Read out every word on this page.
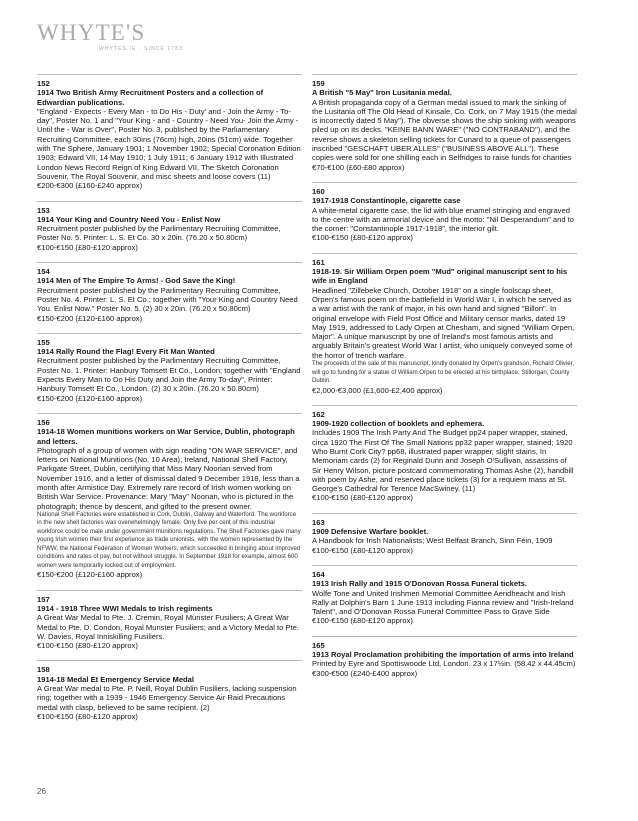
WHYTE'S
WHYTES.IE · SINCE 1783
152
1914 Two British Army Recruitment Posters and a collection of Edwardian publications.
"England - Expects - Every Man - to Do His - Duty' and - Join the Army - To-day", Poster No. 1 and "Your King - and - Country - Need You- Join the Army - Until the - War is Over", Poster No. 3, published by the Parliamentary Recruiting Committee, each 30ins (76cm) high, 20ins (51cm) wide. Together with The Sphere, January 1901; 1 November 1902; Special Coronation Edition 1903; Edward VII, 14 May 1910; 1 July 1911; 6 January 1912 with Illustrated London News Record Reign of King Edward VII, The Sketch Coronation Souvenir, The Royal Souvenir, and misc sheets and loose covers (11)
€200-€300 (£160-£240 approx)
153
1914 Your King and Country Need You - Enlist Now
Recruitment poster published by the Parlimentary Recruiting Committee, Poster No. 5. Printer: L. S. Et Co. 30 x 20in. (76.20 x 50.80cm)
€100-€150 (£80-£120 approx)
154
1914 Men of The Empire To Arms! - God Save the King!
Recruitment poster published by the Parlimentary Recruiting Committee, Poster No. 4. Printer: L. S. Et Co.; together with "Your King and Country Need You. Enlist Now." Poster No. 5. (2) 30 x 20in. (76.20 x 50.80cm)
€150-€200 (£120-£160 approx)
155
1914 Rally Round the Flag! Every Fit Man Wanted
Recruitment poster published by the Parlimentary Recruiting Committee, Poster No. 1. Printer: Hanbury Tomsett Et Co., London; together with "England Expects Every Man to Do His Duty and Join the Army To-day", Printer: Hanbury Tomsett Et Co., London. (2) 30 x 20in. (76.20 x 50.80cm)
€150-€200 (£120-£160 approx)
156
1914-18 Women munitions workers on War Service, Dublin, photograph and letters.
Photograph of a group of women with sign reading "ON WAR SERVICE", and letters on National Munitions (No. 10 Area), Ireland, National Shell Factory, Parkgate Street, Dublin, certifying that Miss Mary Noonan served from November 1916, and a letter of dismissal dated 9 December 1918, less than a month after Armistice Day. Extremely rare record of Irish women working on British War Service. Provenance: Mary "May" Noonan, who is pictured in the photograph; thence by descent, and gifted to the present owner.
National Shell Factories were established in Cork, Dublin, Galway and Waterford. The workforce in the new shell factories was overwhelmingly female. Only five per cent of this industrial workforce could be male under government munitions regulations. The Shell Factories gave many young Irish women their first experience as trade unionists, with the women represented by the NFWW, the National Federation of Women Workers, which succeeded in bringing about improved conditions and rates of pay, but not without struggle. In September 1918 for example, almost 600 women were temporarily locked out of employment.
€150-€200 (£120-£160 approx)
157
1914 - 1918 Three WWI Medals to Irish regiments
A Great War Medal to Pte. J. Cremin, Royal Munster Fusiliers; A Great War Medal to Pte. D. Condon, Royal Munster Fusiliers; and a Victory Medal to Pte. W. Davies, Royal Inniskilling Fusiliers.
€100-€150 (£80-£120 approx)
158
1914-18 Medal Et Emergency Service Medal
A Great War medal to Pte. P. Neill, Royal Dublin Fusiliers, lacking suspension ring; together with a 1939 - 1946 Emergency Service Air Raid Precautions medal with clasp, believed to be same recipient. (2)
€100-€150 (£80-£120 approx)
159
A British "5 May" Iron Lusitania medal.
A British propaganda copy of a German medal issued to mark the sinking of the Lusitania off The Old Head of Kinsale, Co. Cork, on 7 May 1915 (the medal is incorrectly dated 5 May"). The obverse shows the ship sinking with weapons piled up on its decks. "KEINE BANN WARE" ("NO CONTRABAND"), and the reverse shows a skeleton selling tickets for Cunard to a queue of passengers inscribed "GESCHAFT UBER ALLES" ("BUSINESS ABOVE ALL"). These copies were sold for one shilling each in Selfridges to raise funds for charities
€70-€100 (£60-£80 approx)
160
1917-1918 Constantinople, cigarette case
A white-metal cigarette case, the lid with blue enamel stringing and engraved to the centre with an armorial device and the motto: "Nil Desperandum" and to the corner: "Constantinople 1917-1918", the interior gilt.
€100-€150 (£80-£120 approx)
161
1918-19. Sir William Orpen poem "Mud" original manuscript sent to his wife in England
Headlined "Zillebeke Church, October 1918" on a single foolscap sheet, Orpen's famous poem on the battlefield in World War I, in which he served as a war artist with the rank of major, in his own hand and signed "Billon". In original envelope with Field Post Office and Military censor marks, dated 19 May 1919, addressed to Lady Orpen at Chesham, and signed "William Orpen, Major". A unique manuscript by one of Ireland's most famous artists and arguably Britain's greatest World War I artist, who uniquely conveyed some of the horror of trench warfare.
The proceeds of the sale of this manuscript, kindly donated by Orpen's grandson, Richard Olivier, will go to funding for a statue of William Orpen to be erected at his birthplace, Stillorgan, County Dublin.
€2,000-€3,000 (£1,600-£2,400 approx)
162
1909-1920 collection of booklets and ephemera.
Includes 1909 The Irish Party And The Budget pp24 paper wrapper, stained, circa 1920 The First Of The Small Nations pp32 paper wrapper, stained; 1920 Who Burnt Cork City? pp68, illustrated paper wrapper, slight stains, In Memoriam cards (2) for Reginald Dunn and Joseph O'Sullivan, assassins of Sir Henry Wilson, picture postcard commemorating Thomas Ashe (2), handbill with poem by Ashe, and reserved place tickets (3) for a requiem mass at St. George's Cathedral for Terence MacSwiney. (11)
€100-€150 (£80-£120 approx)
163
1909 Defensive Warfare booklet.
A Handbook for Irish Nationalists; West Belfast Branch, Sinn Féin, 1909
€100-€150 (£80-£120 approx)
164
1913 Irish Rally and 1915 O'Donovan Rossa Funeral tickets.
Wolfe Tone and United Irishmen Memorial Committee Aeridheacht and Irish Rally at Dolphin's Barn 1 June 1913 including Fianna review and "Irish-Ireland Talent", and O'Donovan Rossa Funeral Committee Pass to Grave Side
€100-€150 (£80-£120 approx)
165
1913 Royal Proclamation prohibiting the importation of arms into Ireland
Printed by Eyre and Spottiswoode Ltd, London. 23 x 17½in. (58.42 x 44.45cm)
€300-€500 (£240-£400 approx)
26
